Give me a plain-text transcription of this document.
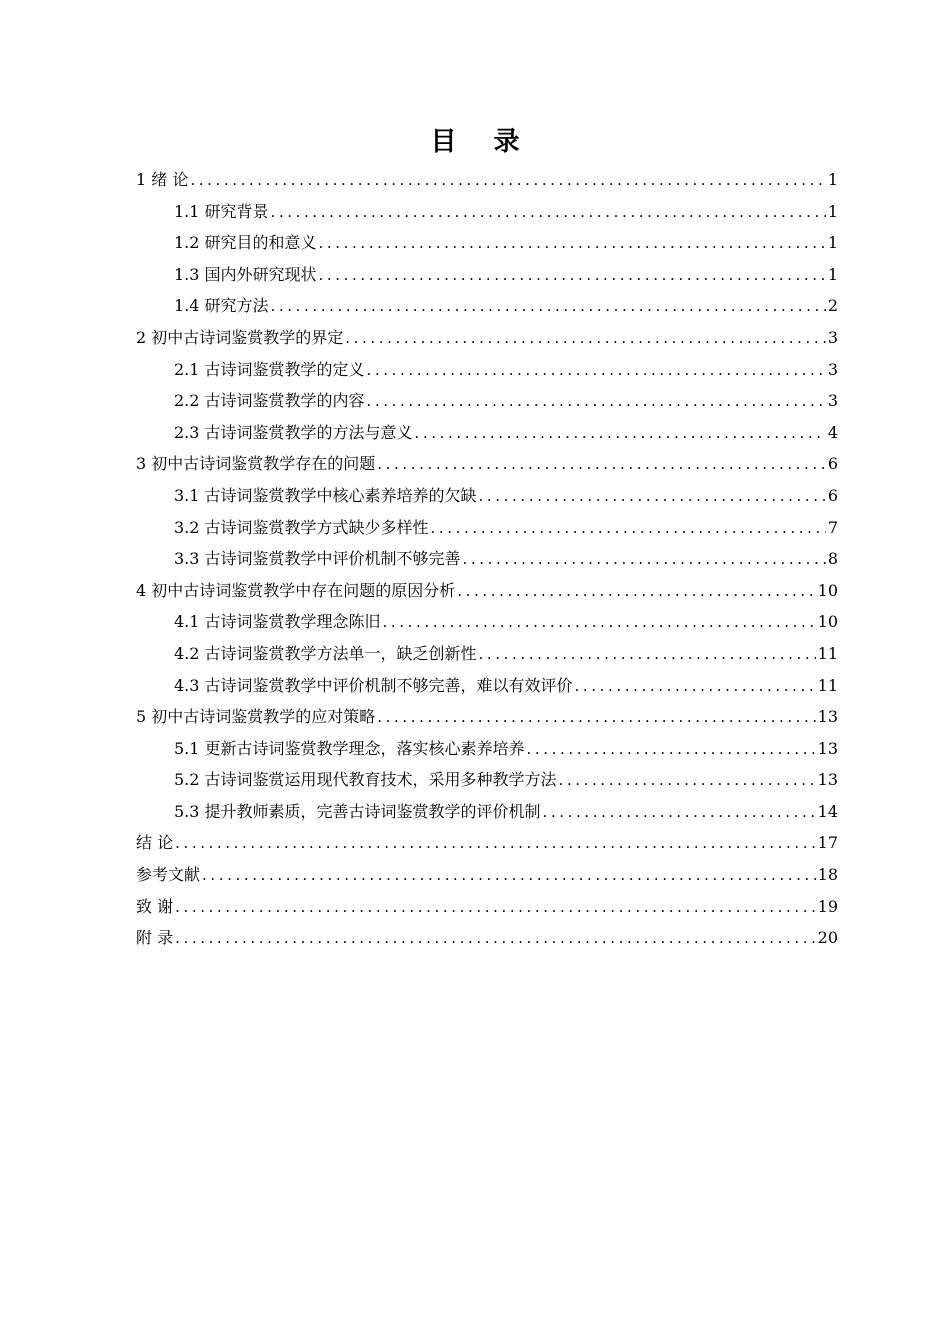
目 录
1 绪 论 .....	1
1.1 研究背景 .....	1
1.2 研究目的和意义 .....	1
1.3 国内外研究现状 .....	1
1.4 研究方法 .....	2
2 初中古诗词鉴赏教学的界定 .....	3
2.1 古诗词鉴赏教学的定义 .....	3
2.2 古诗词鉴赏教学的内容 .....	3
2.3 古诗词鉴赏教学的方法与意义 .....	4
3 初中古诗词鉴赏教学存在的问题 .....	6
3.1 古诗词鉴赏教学中核心素养培养的欠缺 .....	6
3.2 古诗词鉴赏教学方式缺少多样性 .....	7
3.3 古诗词鉴赏教学中评价机制不够完善 .....	8
4 初中古诗词鉴赏教学中存在问题的原因分析 .....	10
4.1 古诗词鉴赏教学理念陈旧 .....	10
4.2 古诗词鉴赏教学方法单一，缺乏创新性 .....	11
4.3 古诗词鉴赏教学中评价机制不够完善，难以有效评价 .....	11
5 初中古诗词鉴赏教学的应对策略 .....	13
5.1 更新古诗词鉴赏教学理念，落实核心素养培养 .....	13
5.2 古诗词鉴赏运用现代教育技术，采用多种教学方法 .....	13
5.3 提升教师素质，完善古诗词鉴赏教学的评价机制 .....	14
结 论 .....	17
参考文献 .....	18
致 谢 .....	19
附 录 .....	20
